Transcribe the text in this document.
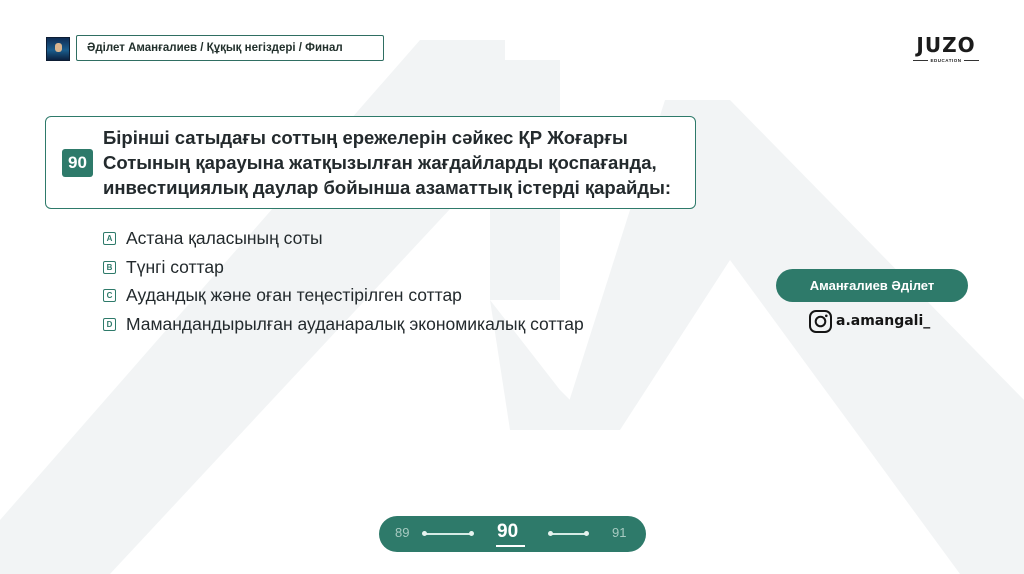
Әділет Аманғалиев / Құқық негіздері / Финал	JUZO
EDUCATION
90
Бірінші сатыдағы соттың ережелерін сәйкес ҚР Жоғарғы
Сотының қарауына жатқызылған жағдайларды қоспағанда,
инвестициялық даулар бойынша азаматтық істерді қарайды:
A Астана қаласының соты
B Түнгі соттар
C Аудандық және оған теңестірілген соттар
D Мамандандырылған ауданаралық экономикалық соттар
Аманғалиев Әділет
a.amangali_
89	90	91
